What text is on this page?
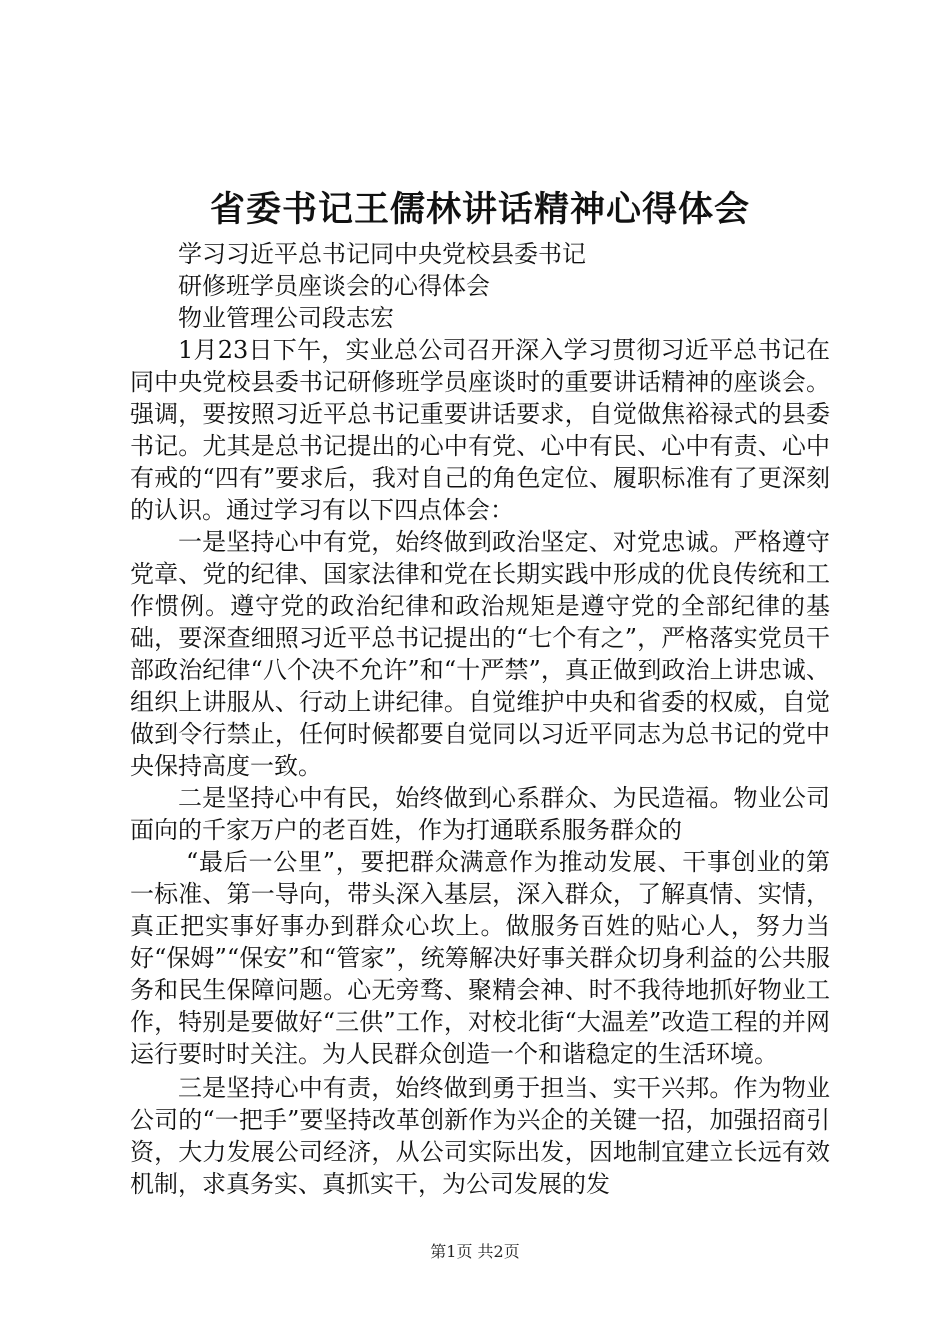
省委书记王儒林讲话精神心得体会

学习习近平总书记同中央党校县委书记

研修班学员座谈会的心得体会

物业管理公司段志宏

1月23日下午，实业总公司召开深入学习贯彻习近平总书记在同中央党校县委书记研修班学员座谈时的重要讲话精神的座谈会。强调，要按照习近平总书记重要讲话要求，自觉做焦裕禄式的县委书记。尤其是总书记提出的心中有党、心中有民、心中有责、心中有戒的“四有”要求后，我对自己的角色定位、履职标准有了更深刻的认识。通过学习有以下四点体会：

一是坚持心中有党，始终做到政治坚定、对党忠诚。严格遵守党章、党的纪律、国家法律和党在长期实践中形成的优良传统和工作惯例。遵守党的政治纪律和政治规矩是遵守党的全部纪律的基础，要深查细照习近平总书记提出的“七个有之”，严格落实党员干部政治纪律“八个决不允许”和“十严禁”，真正做到政治上讲忠诚、组织上讲服从、行动上讲纪律。自觉维护中央和省委的权威，自觉做到令行禁止，任何时候都要自觉同以习近平同志为总书记的党中央保持高度一致。

二是坚持心中有民，始终做到心系群众、为民造福。物业公司面向的千家万户的老百姓，作为打通联系服务群众的

“最后一公里”，要把群众满意作为推动发展、干事创业的第一标准、第一导向，带头深入基层，深入群众，了解真情、实情，真正把实事好事办到群众心坎上。做服务百姓的贴心人，努力当好“保姆”“保安”和“管家”，统筹解决好事关群众切身利益的公共服务和民生保障问题。心无旁骛、聚精会神、时不我待地抓好物业工作，特别是要做好“三供”工作，对校北街“大温差”改造工程的并网运行要时时关注。为人民群众创造一个和谐稳定的生活环境。

三是坚持心中有责，始终做到勇于担当、实干兴邦。作为物业公司的“一把手”要坚持改革创新作为兴企的关键一招，加强招商引资，大力发展公司经济，从公司实际出发，因地制宜建立长远有效机制，求真务实、真抓实干，为公司发展的发

第1页 共2页
